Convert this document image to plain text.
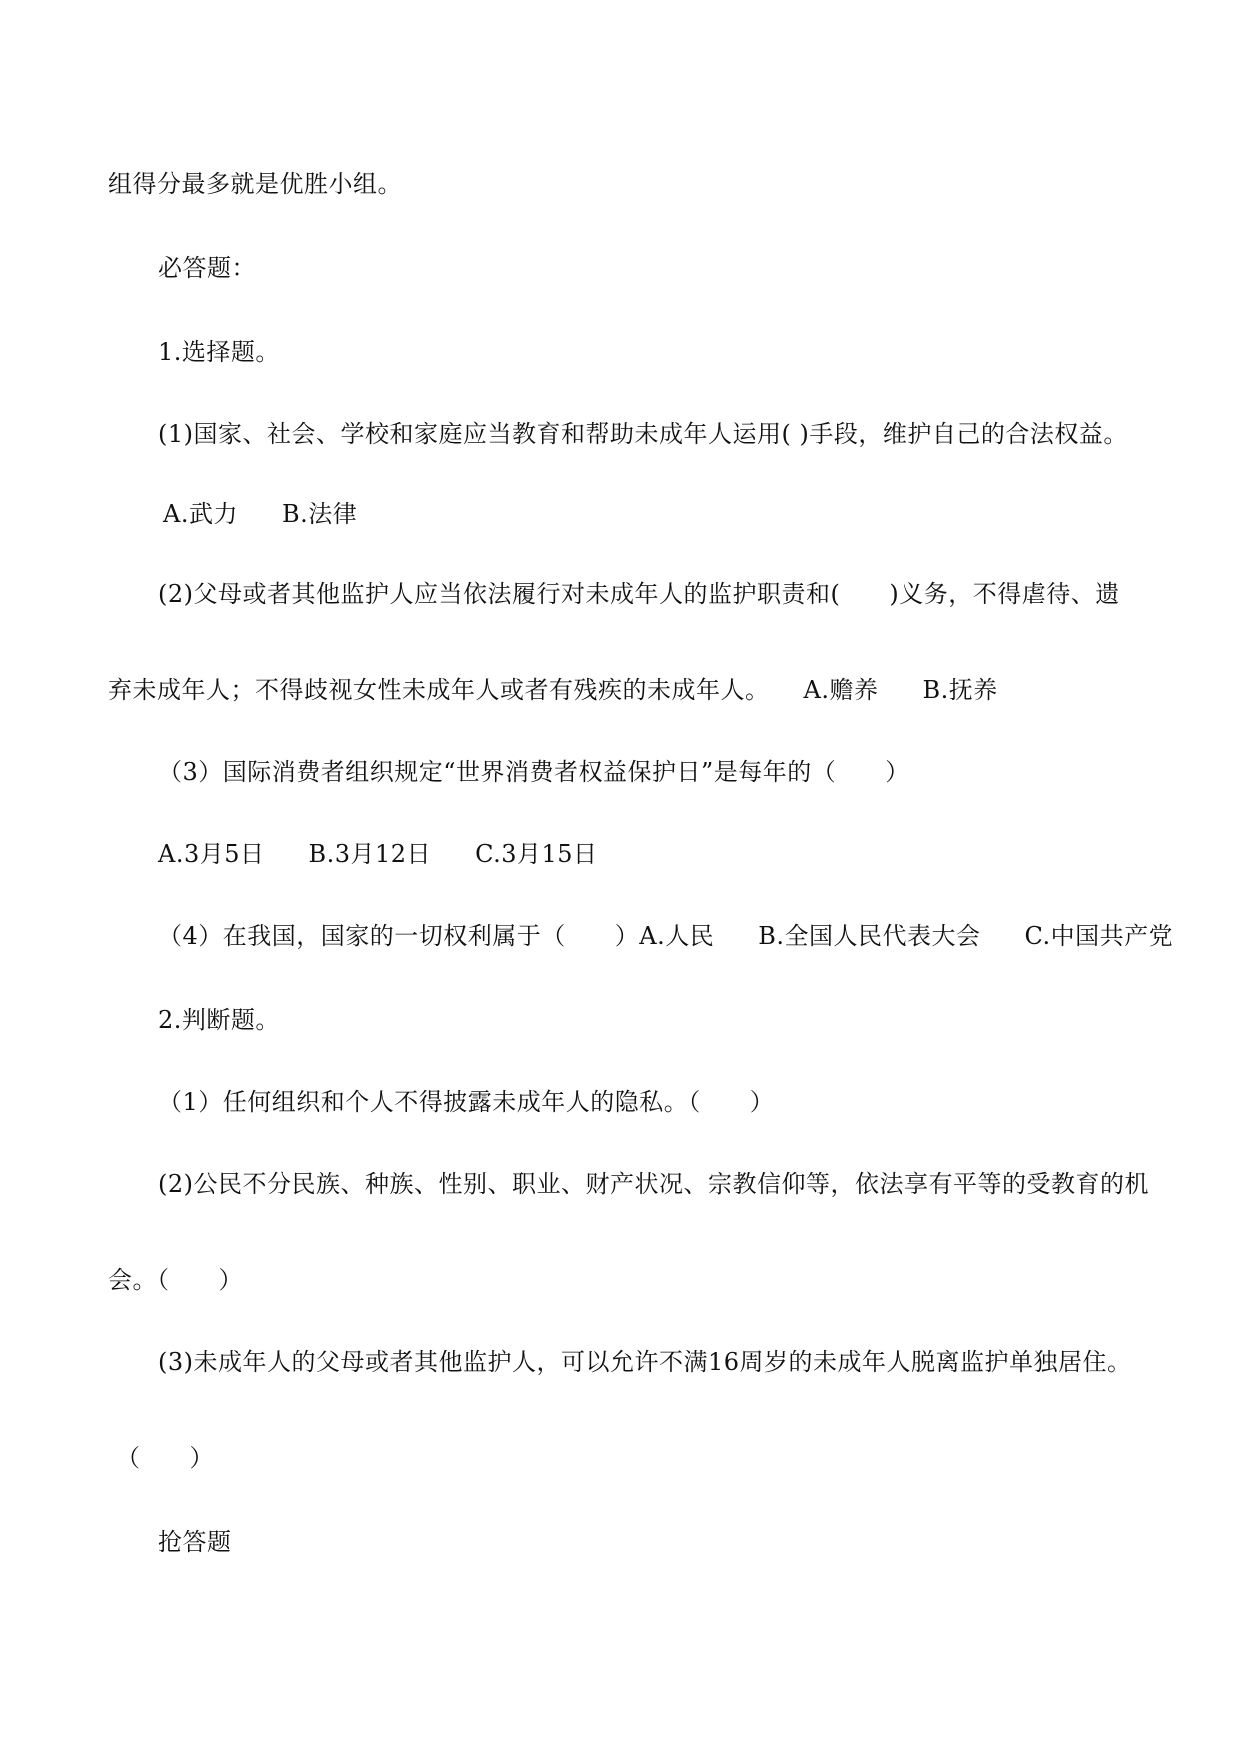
组得分最多就是优胜小组。
必答题：
1.选择题。
(1)国家、社会、学校和家庭应当教育和帮助未成年人运用( )手段，维护自己的合法权益。
A.武力 B.法律
(2)父母或者其他监护人应当依法履行对未成年人的监护职责和(　　)义务，不得虐待、遗
弃未成年人；不得歧视女性未成年人或者有残疾的未成年人。 A.赡养 B.抚养
（3）国际消费者组织规定“世界消费者权益保护日”是每年的（　　）
A.3月5日 B.3月12日 C.3月15日
（4）在我国，国家的一切权利属于（　　）A.人民 B.全国人民代表大会 C.中国共产党
2.判断题。
（1）任何组织和个人不得披露未成年人的隐私。（　　）
(2)公民不分民族、种族、性别、职业、财产状况、宗教信仰等，依法享有平等的受教育的机
会。（　　）
(3)未成年人的父母或者其他监护人，可以允许不满16周岁的未成年人脱离监护单独居住。
（　　）
抢答题
